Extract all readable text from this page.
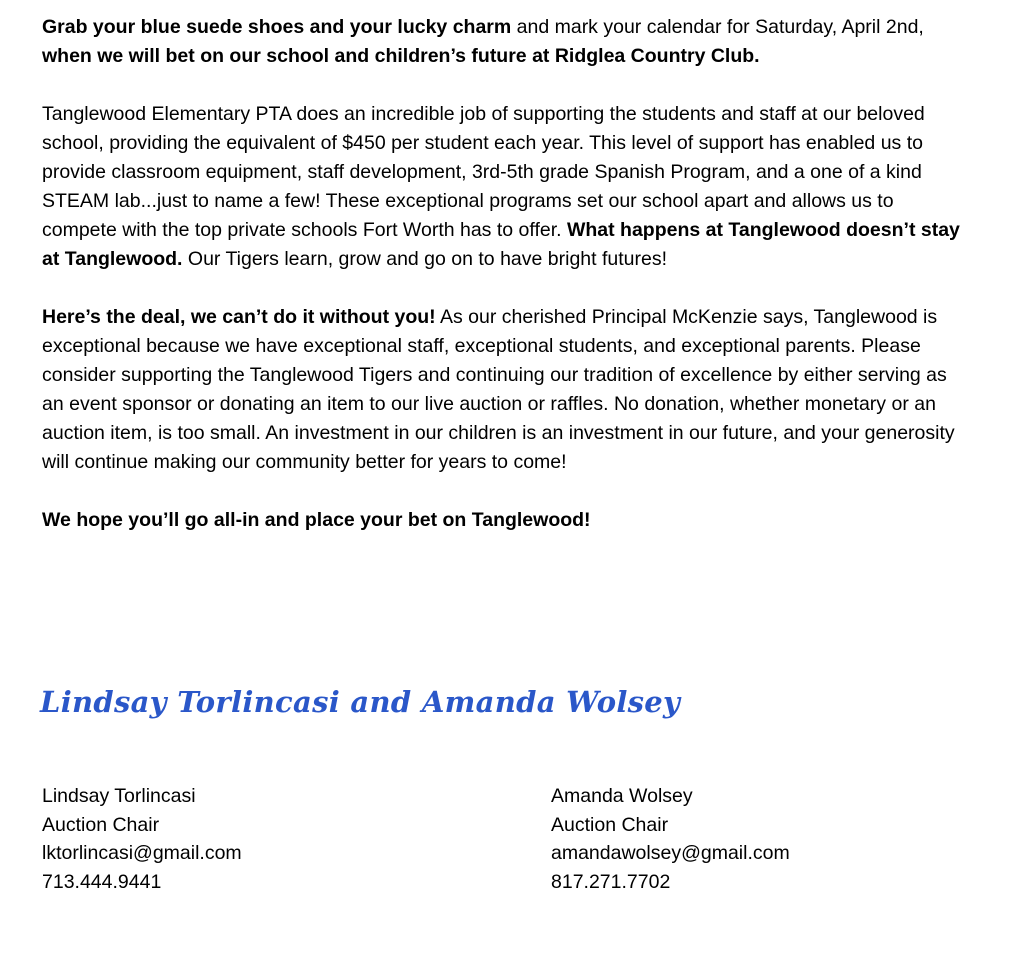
Grab your blue suede shoes and your lucky charm and mark your calendar for Saturday, April 2nd, when we will bet on our school and children’s future at Ridglea Country Club.

Tanglewood Elementary PTA does an incredible job of supporting the students and staff at our beloved school, providing the equivalent of $450 per student each year. This level of support has enabled us to provide classroom equipment, staff development, 3rd-5th grade Spanish Program, and a one of a kind STEAM lab...just to name a few! These exceptional programs set our school apart and allows us to compete with the top private schools Fort Worth has to offer. What happens at Tanglewood doesn’t stay at Tanglewood. Our Tigers learn, grow and go on to have bright futures!

Here’s the deal, we can’t do it without you! As our cherished Principal McKenzie says, Tanglewood is exceptional because we have exceptional staff, exceptional students, and exceptional parents. Please consider supporting the Tanglewood Tigers and continuing our tradition of excellence by either serving as an event sponsor or donating an item to our live auction or raffles. No donation, whether monetary or an auction item, is too small. An investment in our children is an investment in our future, and your generosity will continue making our community better for years to come!

We hope you’ll go all-in and place your bet on Tanglewood!

Lindsay Torlincasi and Amanda Wolsey
Lindsay Torlincasi
Auction Chair
lktorlincasi@gmail.com
713.444.9441
Amanda Wolsey
Auction Chair
amandawolsey@gmail.com
817.271.7702
